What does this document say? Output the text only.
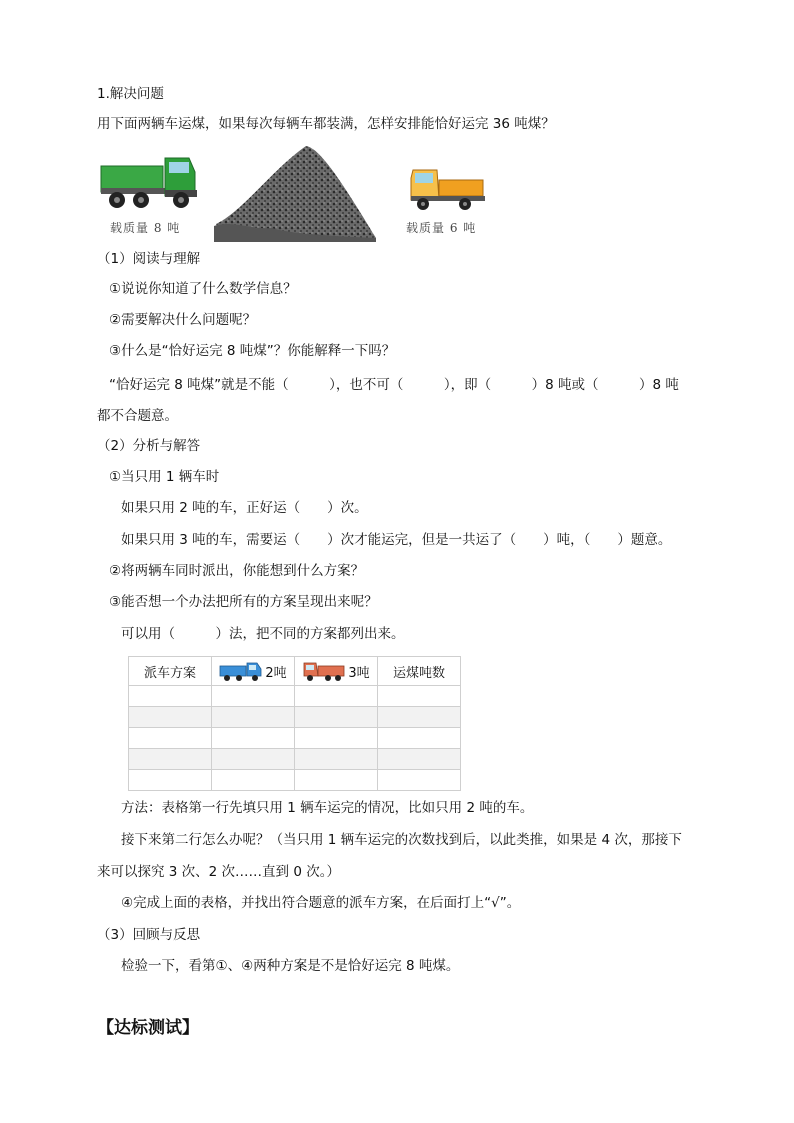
1.解决问题
用下面两辆车运煤，如果每次每辆车都装满，怎样安排能恰好运完 36 吨煤？
载质量 8 吨	载质量 6 吨
（1）阅读与理解
①说说你知道了什么数学信息？
②需要解决什么问题呢？
③什么是“恰好运完 8 吨煤”？你能解释一下吗？
“恰好运完 8 吨煤”就是不能（　　　），也不可（　　　），即（　　　）8 吨或（　　　）8 吨
都不合题意。
（2）分析与解答
①当只用 1 辆车时
如果只用 2 吨的车，正好运（　　）次。
如果只用 3 吨的车，需要运（　　）次才能运完，但是一共运了（　　）吨，（　　）题意。
②将两辆车同时派出，你能想到什么方案？
③能否想一个办法把所有的方案呈现出来呢？
可以用（　　　）法，把不同的方案都列出来。
派车方案	2吨	3吨	运煤吨数

方法：表格第一行先填只用 1 辆车运完的情况，比如只用 2 吨的车。
接下来第二行怎么办呢？（当只用 1 辆车运完的次数找到后，以此类推，如果是 4 次，那接下
来可以探究 3 次、2 次……直到 0 次。）
④完成上面的表格，并找出符合题意的派车方案，在后面打上“√”。
（3）回顾与反思
检验一下，看第①、④两种方案是不是恰好运完 8 吨煤。
【达标测试】
